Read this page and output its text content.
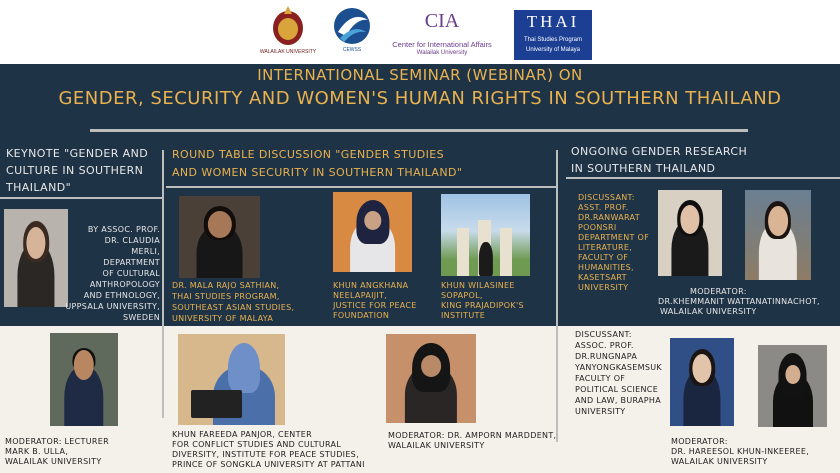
WALAILAK UNIVERSITY	CEWSS
CIA
Center for International Affairs
Walailak University
THAI
Thai Studies Program
University of Malaya
INTERNATIONAL SEMINAR (WEBINAR) ON
GENDER, SECURITY AND WOMEN'S HUMAN RIGHTS IN SOUTHERN THAILAND
KEYNOTE "GENDER AND
CULTURE IN SOUTHERN
THAILAND"
BY ASSOC. PROF.
DR. CLAUDIA
MERLI,
DEPARTMENT
OF CULTURAL
ANTHROPOLOGY
AND ETHNOLOGY,
UPPSALA UNIVERSITY,
SWEDEN
MODERATOR: LECTURER
MARK B. ULLA,
WALAILAK UNIVERSITY
ROUND TABLE DISCUSSION "GENDER STUDIES
AND WOMEN SECURITY IN SOUTHERN THAILAND"
DR. MALA RAJO SATHIAN,
THAI STUDIES PROGRAM,
SOUTHEAST ASIAN STUDIES,
UNIVERSITY OF MALAYA
KHUN ANGKHANA
NEELAPAIJIT,
JUSTICE FOR PEACE
FOUNDATION
KHUN WILASINEE
SOPAPOL,
KING PRAJADIPOK'S
INSTITUTE
KHUN FAREEDA PANJOR, CENTER
FOR CONFLICT STUDIES AND CULTURAL
DIVERSITY, INSTITUTE FOR PEACE STUDIES,
PRINCE OF SONGKLA UNIVERSITY AT PATTANI
MODERATOR: DR. AMPORN MARDDENT,
WALAILAK UNIVERSITY
ONGOING GENDER RESEARCH
IN SOUTHERN THAILAND
DISCUSSANT:
ASST. PROF.
DR.RANWARAT
POONSRI
DEPARTMENT OF
LITERATURE,
FACULTY OF
HUMANITIES,
KASETSART
UNIVERSITY	MODERATOR:
DR.KHEMMANIT WATTANATINNACHOT,
WALAILAK UNIVERSITY
DISCUSSANT:
ASSOC. PROF.
DR.RUNGNAPA
YANYONGKASEMSUK
FACULTY OF
POLITICAL SCIENCE
AND LAW, BURAPHA
UNIVERSITY
MODERATOR:
DR. HAREESOL KHUN-INKEEREE,
WALAILAK UNIVERSITY
